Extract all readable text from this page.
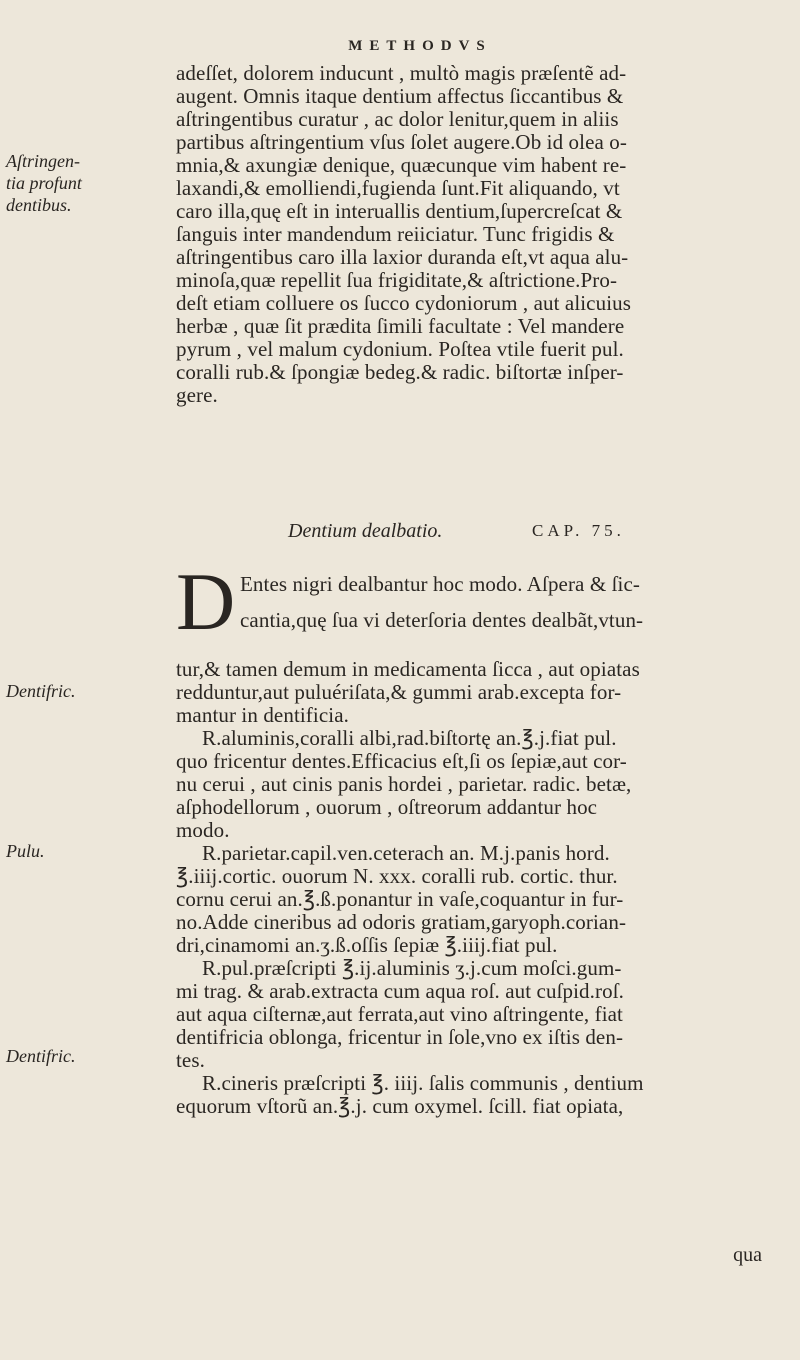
METHODVS
Aſtringen-
tia profunt
dentibus.
Dentifric.
Pulu.
Dentifric.
adeſſet, dolorem inducunt , multò magis præſentẽ ad-
augent. Omnis itaque dentium affectus ſiccantibus &
aſtringentibus curatur , ac dolor lenitur,quem in aliis
partibus aſtringentium vſus ſolet augere.Ob id olea o-
mnia,& axungiæ denique, quæcunque vim habent re-
laxandi,& emolliendi,fugienda ſunt.Fit aliquando, vt
caro illa,quę eſt in interuallis dentium,ſupercreſcat &
ſanguis inter mandendum reiiciatur. Tunc frigidis &
aſtringentibus caro illa laxior duranda eſt,vt aqua alu-
minoſa,quæ repellit ſua frigiditate,& aſtrictione.Pro-
deſt etiam colluere os ſucco cydoniorum , aut alicuius
herbæ , quæ ſit prædita ſimili facultate : Vel mandere
pyrum , vel malum cydonium. Poſtea vtile fuerit pul.
coralli rub.& ſpongiæ bedeg.& radic. biſtortæ inſper-
gere.
Dentium dealbatio.	CAP. 75.
D Entes nigri dealbantur hoc modo. Aſpera & ſic-
cantia,quę ſua vi deterſoria dentes dealbãt,vtun-
tur,& tamen demum in medicamenta ſicca , aut opiatas
redduntur,aut puluériſata,& gummi arab.excepta for-
mantur in dentificia.
R.aluminis,coralli albi,rad.biſtortę an.℥.j.fiat pul.
quo fricentur dentes.Efficacius eſt,ſi os ſepiæ,aut cor-
nu cerui , aut cinis panis hordei , parietar. radic. betæ,
aſphodellorum , ouorum , oſtreorum addantur hoc
modo.
R.parietar.capil.ven.ceterach an. M.j.panis hord.
℥.iiij.cortic. ouorum N. xxx. coralli rub. cortic. thur.
cornu cerui an.℥.ß.ponantur in vaſe,coquantur in fur-
no.Adde cineribus ad odoris gratiam,garyoph.corian-
dri,cinamomi an.ʒ.ß.oſſis ſepiæ ℥.iiij.fiat pul.
R.pul.præſcripti ℥.ij.aluminis ʒ.j.cum moſci.gum-
mi trag. & arab.extracta cum aqua roſ. aut cuſpid.roſ.
aut aqua ciſternæ,aut ferrata,aut vino aſtringente, fiat
dentifricia oblonga, fricentur in ſole,vno ex iſtis den-
tes.
R.cineris præſcripti ℥. iiij. ſalis communis , dentium
equorum vſtorũ an.℥.j. cum oxymel. ſcill. fiat opiata,
qua
